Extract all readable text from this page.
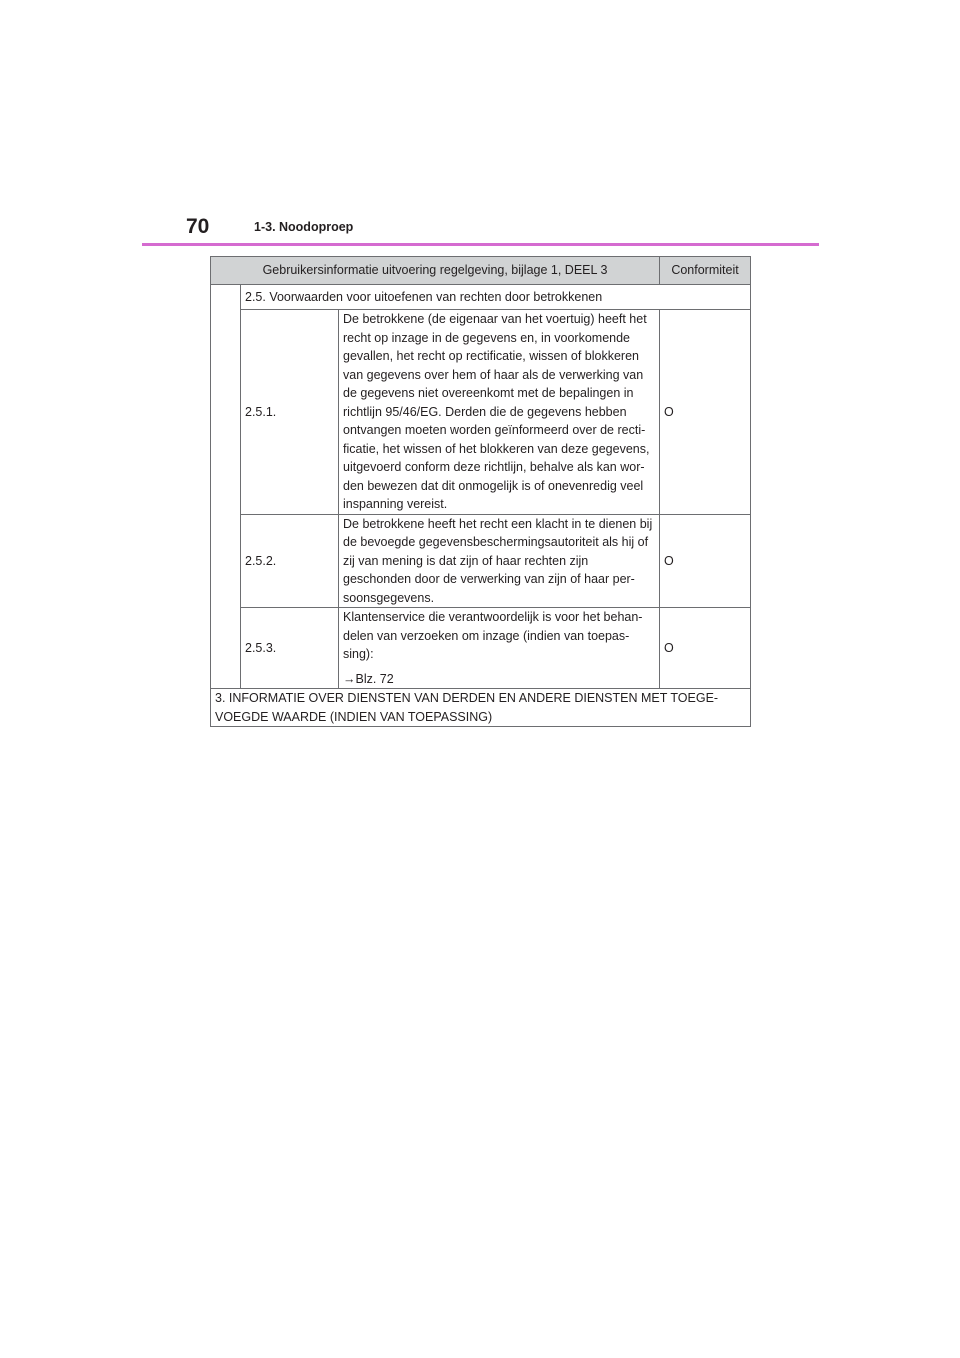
70	1-3. Noodoproep
Gebruikersinformatie uitvoering regelgeving, bijlage 1, DEEL 3			Conformiteit
	2.5. Voorwaarden voor uitoefenen van rechten door betrokkenen		
	2.5.1.	De betrokkene (de eigenaar van het voertuig) heeft het recht op inzage in de gegevens en, in voorkomende gevallen, het recht op rectificatie, wissen of blokkeren van gegevens over hem of haar als de verwerking van de gegevens niet overeenkomt met de bepalingen in richtlijn 95/46/EG. Derden die de gegevens hebben ontvangen moeten worden geïnformeerd over de recti-ficatie, het wissen of het blokkeren van deze gegevens, uitgevoerd conform deze richtlijn, behalve als kan wor-den bewezen dat dit onmogelijk is of onevenredig veel inspanning vereist.	O
	2.5.2.	De betrokkene heeft het recht een klacht in te dienen bij de bevoegde gegevensbeschermingsautoriteit als hij of zij van mening is dat zijn of haar rechten zijn geschonden door de verwerking van zijn of haar per-soonsgegevens.	O
	2.5.3.	Klantenservice die verantwoordelijk is voor het behan-delen van verzoeken om inzage (indien van toepas-sing):

→Blz. 72	O
3. INFORMATIE OVER DIENSTEN VAN DERDEN EN ANDERE DIENSTEN MET TOEGE-VOEGDE WAARDE (INDIEN VAN TOEPASSING)			
